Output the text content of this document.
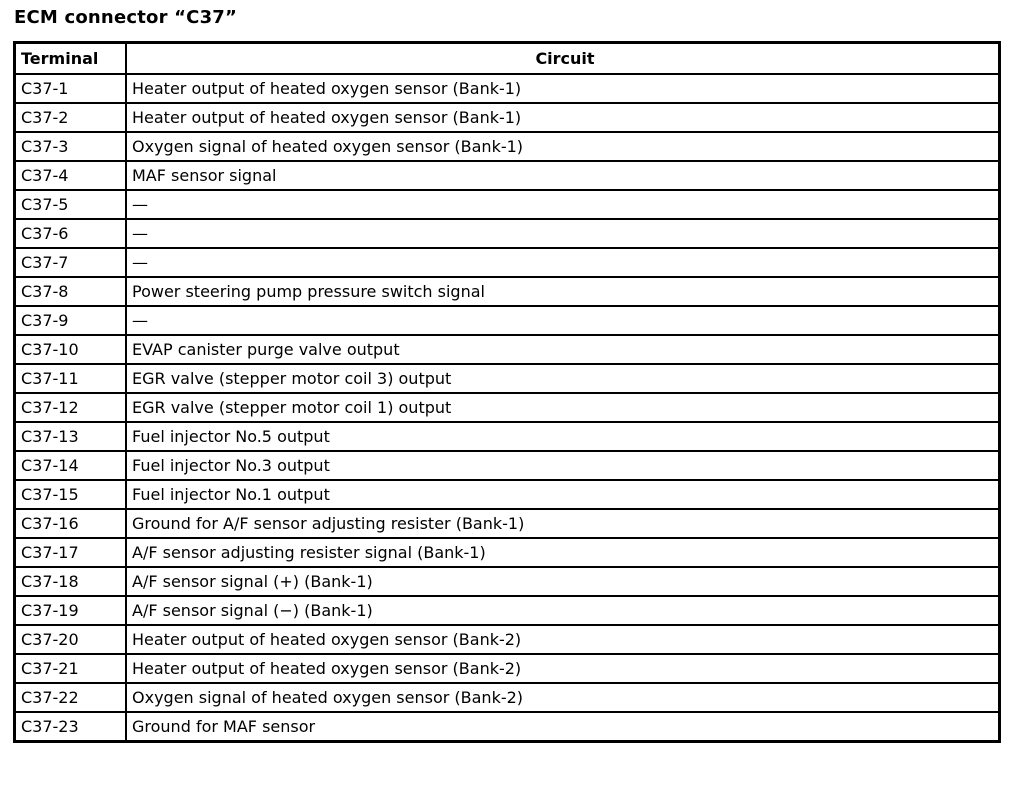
ECM connector “C37”
Terminal	Circuit
C37-1	Heater output of heated oxygen sensor (Bank-1)
C37-2	Heater output of heated oxygen sensor (Bank-1)
C37-3	Oxygen signal of heated oxygen sensor (Bank-1)
C37-4	MAF sensor signal
C37-5	—
C37-6	—
C37-7	—
C37-8	Power steering pump pressure switch signal
C37-9	—
C37-10	EVAP canister purge valve output
C37-11	EGR valve (stepper motor coil 3) output
C37-12	EGR valve (stepper motor coil 1) output
C37-13	Fuel injector No.5 output
C37-14	Fuel injector No.3 output
C37-15	Fuel injector No.1 output
C37-16	Ground for A/F sensor adjusting resister (Bank-1)
C37-17	A/F sensor adjusting resister signal (Bank-1)
C37-18	A/F sensor signal (+) (Bank-1)
C37-19	A/F sensor signal (−) (Bank-1)
C37-20	Heater output of heated oxygen sensor (Bank-2)
C37-21	Heater output of heated oxygen sensor (Bank-2)
C37-22	Oxygen signal of heated oxygen sensor (Bank-2)
C37-23	Ground for MAF sensor
